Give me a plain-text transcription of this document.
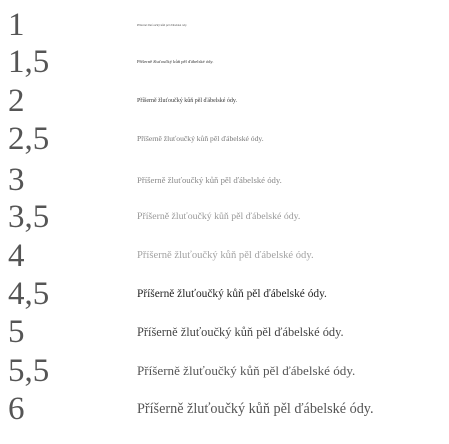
1	Příšerně žluťoučký kůň pěl ďábelské ódy.
1,5	Příšerně žluťoučký kůň pěl ďábelské ódy.
2	Příšerně žluťoučký kůň pěl ďábelské ódy.
2,5	Příšerně žluťoučký kůň pěl ďábelské ódy.
3	Příšerně žluťoučký kůň pěl ďábelské ódy.
3,5	Příšerně žluťoučký kůň pěl ďábelské ódy.
4	Příšerně žluťoučký kůň pěl ďábelské ódy.
4,5	Příšerně žluťoučký kůň pěl ďábelské ódy.
5	Příšerně žluťoučký kůň pěl ďábelské ódy.
5,5	Příšerně žluťoučký kůň pěl ďábelské ódy.
6	Příšerně žluťoučký kůň pěl ďábelské ódy.
